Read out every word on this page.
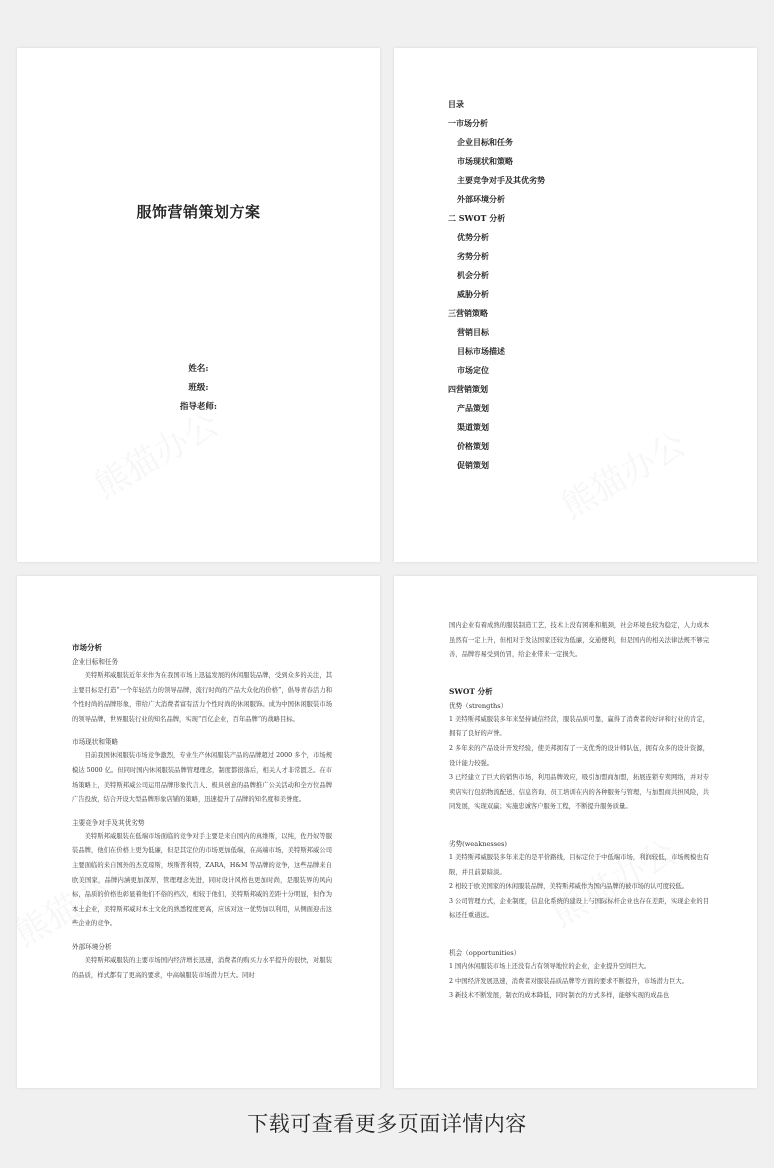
服饰营销策划方案
姓名:
班级:
指导老师:
目录
一市场分析
企业目标和任务
市场现状和策略
主要竞争对手及其优劣势
外部环境分析
二 SWOT 分析
优势分析
劣势分析
机会分析
威胁分析
三营销策略
营销目标
目标市场描述
市场定位
四营销策划
产品策划
渠道策划
价格策划
促销策划
市场分析
企业目标和任务
美特斯邦威服装近年来作为在我国市场上迅猛发展的休闲服装品牌，受到众多的关注，其主要目标是打造“一个年轻活力的领导品牌，流行时尚的产品大众化的价格”，倡导青春活力和个性时尚的品牌形象，带给广大消费者富有活力个性时尚的休闲服饰。成为中国休闲服装市场的领导品牌，世界服装行业的知名品牌，实现“百亿企业，百年品牌”的战略目标。
市场现状和策略
目前我国休闲服装市场竞争激烈，专业生产休闲服装产品的品牌超过 2000 多个，市场规模达 5000 亿。但同时国内休闲服装品牌管理理念，制度都很落后，相关人才非常匮乏。在市场策略上，美特斯邦威公司运用品牌形象代言人、极具创意的品牌推广公关活动和全方位品牌广告投放，结合开设大型品牌形象店铺的策略，迅速提升了品牌的知名度和美誉度。
主要竞争对手及其优劣势
美特斯邦威服装在低端市场面临的竞争对手主要是来自国内的真维斯，以纯，佐丹奴等服装品牌，他们在价格上更为低廉，但是其定位的市场更加低端，在高端市场，美特斯邦威公司主要面临的来自国外的杰克琼斯，埃斯普利特，ZARA，H&M 等品牌的竞争，这些品牌来自欧美国家，品牌内涵更加深厚，管理理念先进，同时设计风格也更加时尚，是服装界的风向标，品质的价格也彰显着他们不俗的档次，相较于他们，美特斯邦威的差距十分明显，但作为本土企业，美特斯邦威对本土文化的熟悉程度更高，应该对这一优势加以利用，从侧面迎击这些企业的竞争。
外部环境分析
美特斯邦威服装的主要市场国内经济增长迅速，消费者的购买力水平提升的很快，对服装的品质，样式都有了更高的要求，中高端服装市场潜力巨大。同时
国内企业有着成熟的服装制造工艺，技术上没有困难和瓶颈，社会环境也较为稳定，人力成本虽然有一定上升，但相对于发达国家还较为低廉，交通便利，但是国内的相关法律法规不够完善，品牌容易受到仿冒，给企业带来一定损失。
SWOT 分析
优势（strengths）
1 美特斯邦威服装多年来坚持诚信经营，服装品质可靠，赢得了消费者的好评和行业的肯定，拥有了良好的声誉。
2 多年来的产品设计开发经验，使美邦拥有了一支优秀的设计师队伍，拥有众多的设计资源，设计能力较强。
3 已经建立了巨大的销售市场，利用品牌效应，吸引加盟商加盟，拓展连锁专卖网络，并对专卖店实行包括物流配送、信息咨询、员工培训在内的各种服务与管理，与加盟商共担风险，共同发展，实现双赢；实施忠诚客户服务工程，不断提升服务质量。
劣势(weaknesses)
1 美特斯邦威服装多年来走的是平价路线，目标定位于中低端市场，利润较低，市场规模也有限，并且前景暗淡。
2 相较于欧美国家的休闲服装品牌，美特斯邦威作为国内品牌的被市场的认可度较低。
3 公司管理方式，企业制度，信息化系统的建设上与国际标杆企业也存在差距，实现企业的目标还任重道远。
机会（opportunities）
1 国内休闲服装市场上还没有占有领导地位的企业，企业提升空间巨大。
2 中国经济发展迅速，消费者对服装品质品牌等方面的要求不断提升，市场潜力巨大。
3 新技术不断发展，制衣的成本降低，同时制衣的方式多样，能够实现的成品也
下载可查看更多页面详情内容
